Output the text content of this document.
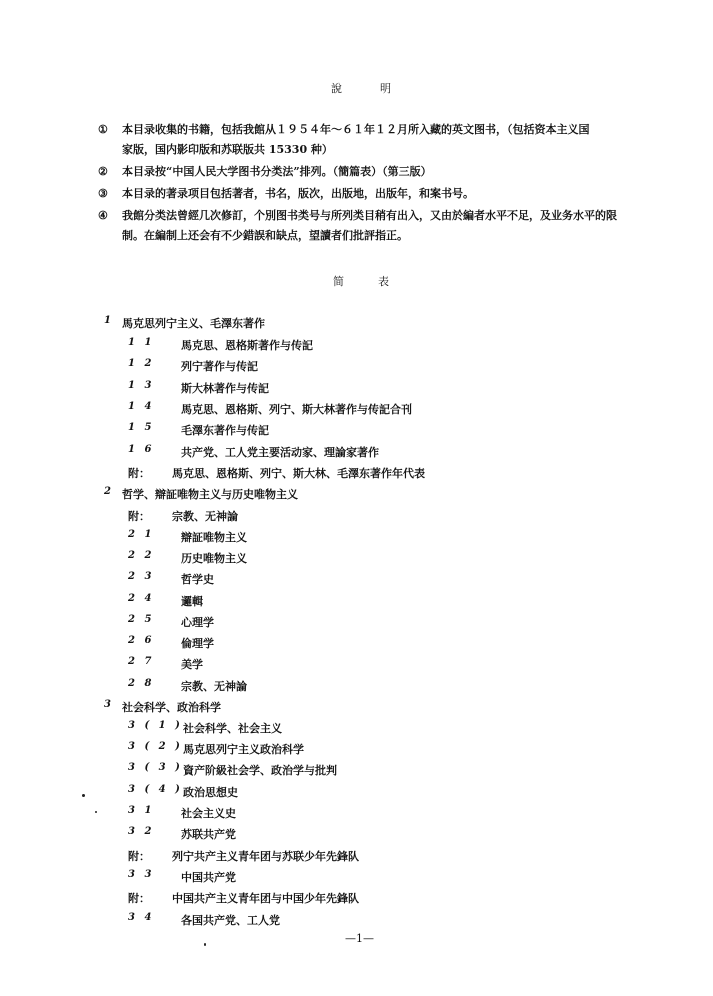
說	明
① 本目录收集的书籍，包括我館从１９５４年～６１年１２月所入藏的英文图书，（包括资本主义国
家版，国内影印版和苏联版共 15330 种）
② 本目录按“中国人民大学图书分类法”排列。（簡篇表）（第三版）
③ 本目录的著录项目包括著者，书名，版次，出版地，出版年，和案书号。
④ 我館分类法曾經几次修訂，个別图书类号与所列类目稍有出入，又由於編者水平不足，及业务水平的限
制。在編制上还会有不少錯誤和缺点，望讀者们批評指正。
简	表
1 馬克思列宁主义、毛澤东著作
1 1 馬克思、恩格斯著作与传記
1 2 列宁著作与传記
1 3 斯大林著作与传記
1 4 馬克思、恩格斯、列宁、斯大林著作与传記合刊
1 5 毛澤东著作与传記
1 6 共产党、工人党主要活动家、理論家著作
附： 馬克思、恩格斯、列宁、斯大林、毛澤东著作年代表
2 哲学、辯証唯物主义与历史唯物主义
附： 宗教、无神論
2 1 辯証唯物主义
2 2 历史唯物主义
2 3 哲学史
2 4 邏輯
2 5 心理学
2 6 倫理学
2 7 美学
2 8 宗教、无神論
3 社会科学、政治科学
3 ( 1 ) 社会科学、社会主义
3 ( 2 ) 馬克思列宁主义政治科学
3 ( 3 ) 資产阶級社会学、政治学与批判
3 ( 4 ) 政治思想史
3 1 社会主义史
3 2 苏联共产党
附： 列宁共产主义青年团与苏联少年先鋒队
3 3 中国共产党
附： 中国共产主义青年团与中国少年先鋒队
3 4 各国共产党、工人党
—1—
